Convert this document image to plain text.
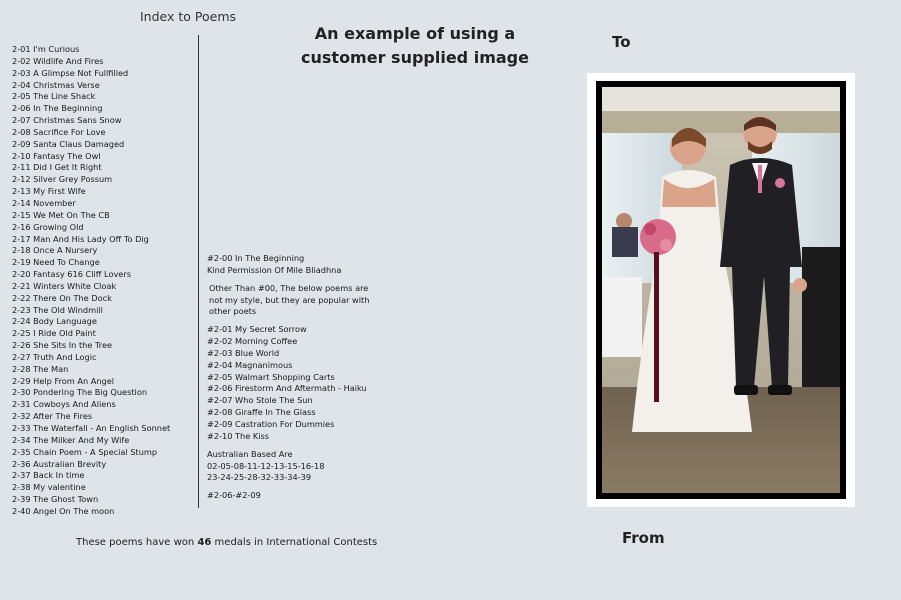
Index to Poems
2-01 I'm Curious
2-02 Wildlife And Fires
2-03 A Glimpse Not Fullfilled
2-04 Christmas Verse
2-05 The Line Shack
2-06 In The Beginning
2-07 Christmas Sans Snow
2-08 Sacrifice For Love
2-09 Santa Claus Damaged
2-10 Fantasy The Owl
2-11 Did I Get It Right
2-12 Silver Grey Possum
2-13 My First Wife
2-14 November
2-15 We Met On The CB
2-16 Growing Old
2-17 Man And His Lady Off To Dig
2-18 Once A Nursery
2-19 Need To Change
2-20 Fantasy 616 Cliff Lovers
2-21 Winters White Cloak
2-22 There On The Dock
2-23 The Old Windmill
2-24 Body Language
2-25 I Ride Old Paint
2-26 She Sits In the Tree
2-27 Truth And Logic
2-28 The Man
2-29 Help From An Angel
2-30 Pondering The Big Question
2-31 Cowboys And Aliens
2-32 After The Fires
2-33 The Waterfall - An English Sonnet
2-34 The Milker And My Wife
2-35 Chain Poem - A Special Stump
2-36 Australian Brevity
2-37 Back In time
2-38 My valentine
2-39 The Ghost Town
2-40 Angel On The moon
#2-00 In The Beginning
Kind Permission Of Mile Bliadhna
Other Than #00, The below poems are not my style, but they are popular with other poets
#2-01 My Secret Sorrow
#2-02 Morning Coffee
#2-03 Blue World
#2-04 Magnanimous
#2-05 Walmart Shopping Carts
#2-06 Firestorm And Aftermath - Haiku
#2-07 Who Stole The Sun
#2-08 Giraffe In The Glass
#2-09 Castration For Dummies
#2-10 The Kiss
Australian Based Are
02-05-08-11-12-13-15-16-18
23-24-25-28-32-33-34-39
#2-06-#2-09
An example of using a
customer supplied image
To
From
These poems have won 46 medals in International Contests
